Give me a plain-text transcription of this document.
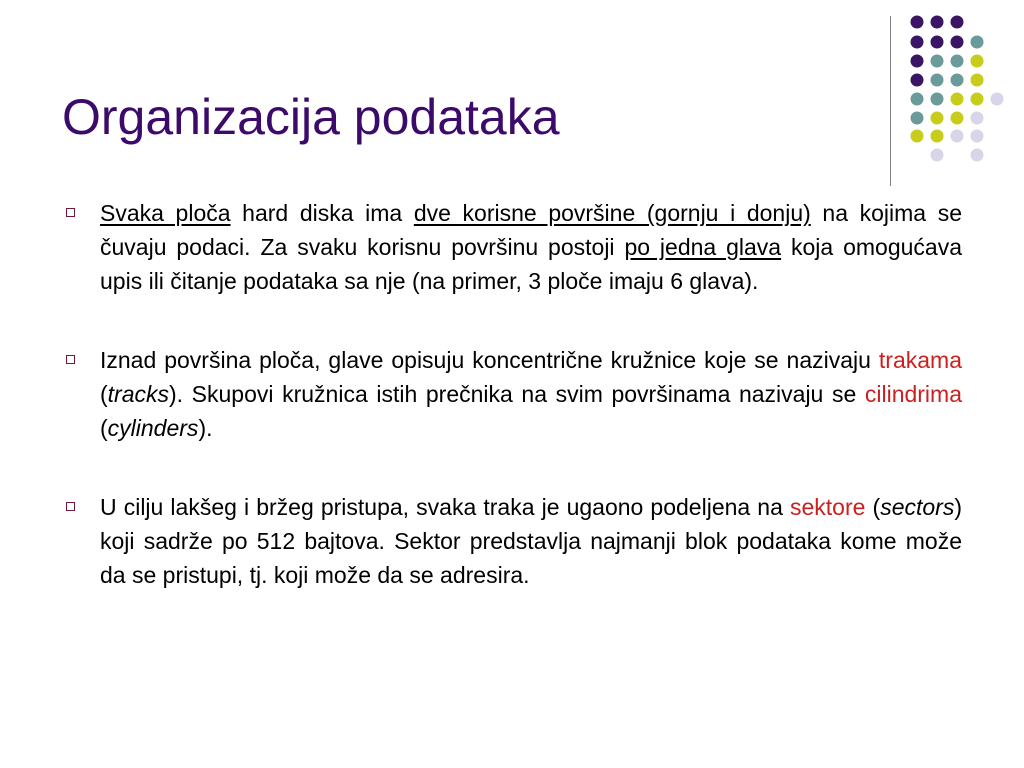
Organizacija podataka
Svaka ploča hard diska ima dve korisne površine (gornju i donju) na kojima se čuvaju podaci. Za svaku korisnu površinu postoji po jedna glava koja omogućava upis ili čitanje podataka sa nje (na primer, 3 ploče imaju 6 glava).
Iznad površina ploča, glave opisuju koncentrične kružnice koje se nazivaju trakama (tracks). Skupovi kružnica istih prečnika na svim površinama nazivaju se cilindrima (cylinders).
U cilju lakšeg i bržeg pristupa, svaka traka je ugaono podeljena na sektore (sectors) koji sadrže po 512 bajtova. Sektor predstavlja najmanji blok podataka kome može da se pristupi, tj. koji može da se adresira.
